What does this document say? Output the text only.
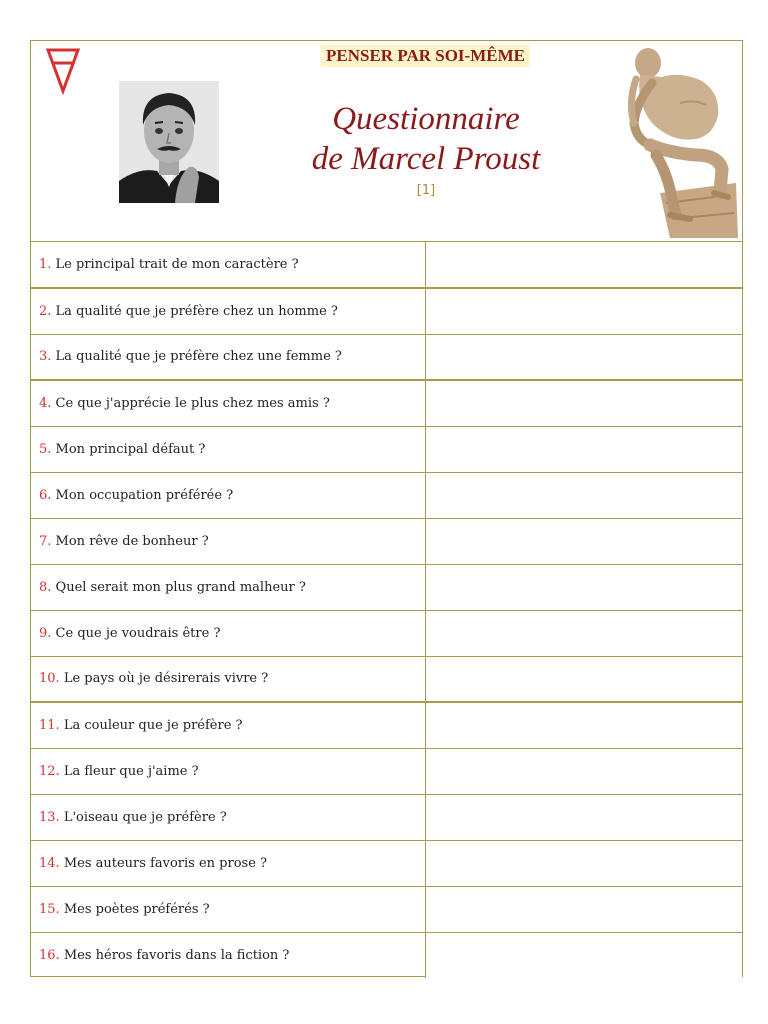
PENSER PAR SOI-MÊME
Questionnaire
de Marcel Proust
[1]
1. Le principal trait de mon caractère ?	
2. La qualité que je préfère chez un homme ?	
3. La qualité que je préfère chez une femme ?	
4. Ce que j'apprécie le plus chez mes amis ?	
5. Mon principal défaut ?	
6. Mon occupation préférée ?	
7. Mon rêve de bonheur ?	
8. Quel serait mon plus grand malheur ?	
9. Ce que je voudrais être ?	
10. Le pays où je désirerais vivre ?	
11. La couleur que je préfère ?	
12. La fleur que j'aime ?	
13. L'oiseau que je préfère ?	
14. Mes auteurs favoris en prose ?	
15. Mes poètes préférés ?	
16. Mes héros favoris dans la fiction ?	
